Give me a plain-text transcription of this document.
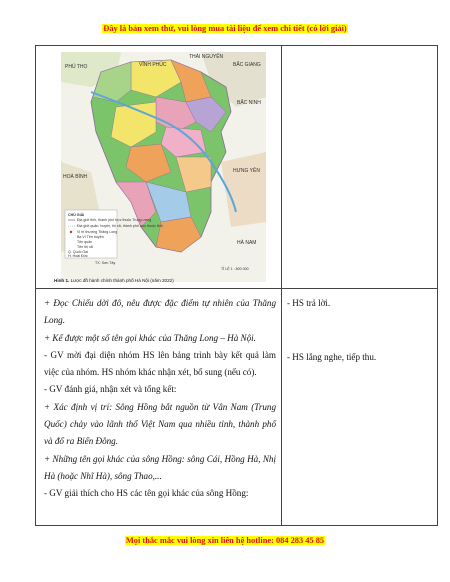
Đây là bản xem thử, vui lòng mua tài liệu để xem chi tiết (có lời giải)
PHÚ THỌ	VĨNH PHÚC
THÁI NGUYÊN
BẮC GIANG
BẮC NINH
HOÀ BÌNH
HƯNG YÊN
HÀ NAM
CHÚ GIẢI
Địa giới tỉnh, thành phố trực thuộc Trung ương
Địa giới quận, huyện, thị xã, thành phố trực thuộc tỉnh
Vị trí thượng Thăng Long
Ba Vì Tên huyện
Tên quận
Tên thị xã
Q. Quốc Oai
H. Hoài Đức
TX. Sơn Tây
TỈ LỆ 1 : 800 000
Hình 1. Lược đồ hành chính thành phố Hà Nội (năm 2022)

+ Đọc Chiếu dời đô, nêu được đặc điểm tự nhiên của Thăng Long.

+ Kể được một số tên gọi khác của Thăng Long – Hà Nội.

- GV mời đại diện nhóm HS lên bảng trình bày kết quả làm việc của nhóm. HS nhóm khác nhận xét, bổ sung (nếu có).

- GV đánh giá, nhận xét và tổng kết:

+ Xác định vị trí: Sông Hồng bắt nguồn từ Vân Nam (Trung Quốc) chảy vào lãnh thổ Việt Nam qua nhiều tỉnh, thành phố và đổ ra Biển Đông.

+ Những tên gọi khác của sông Hồng: sông Cái, Hồng Hà, Nhị Hà (hoặc Nhĩ Hà), sông Thao,...

- GV giải thích cho HS các tên gọi khác của sông Hồng:

- HS trả lời.

- HS lắng nghe, tiếp thu.

Mọi thắc mắc vui lòng xin liên hệ hotline: 084 283 45 85
